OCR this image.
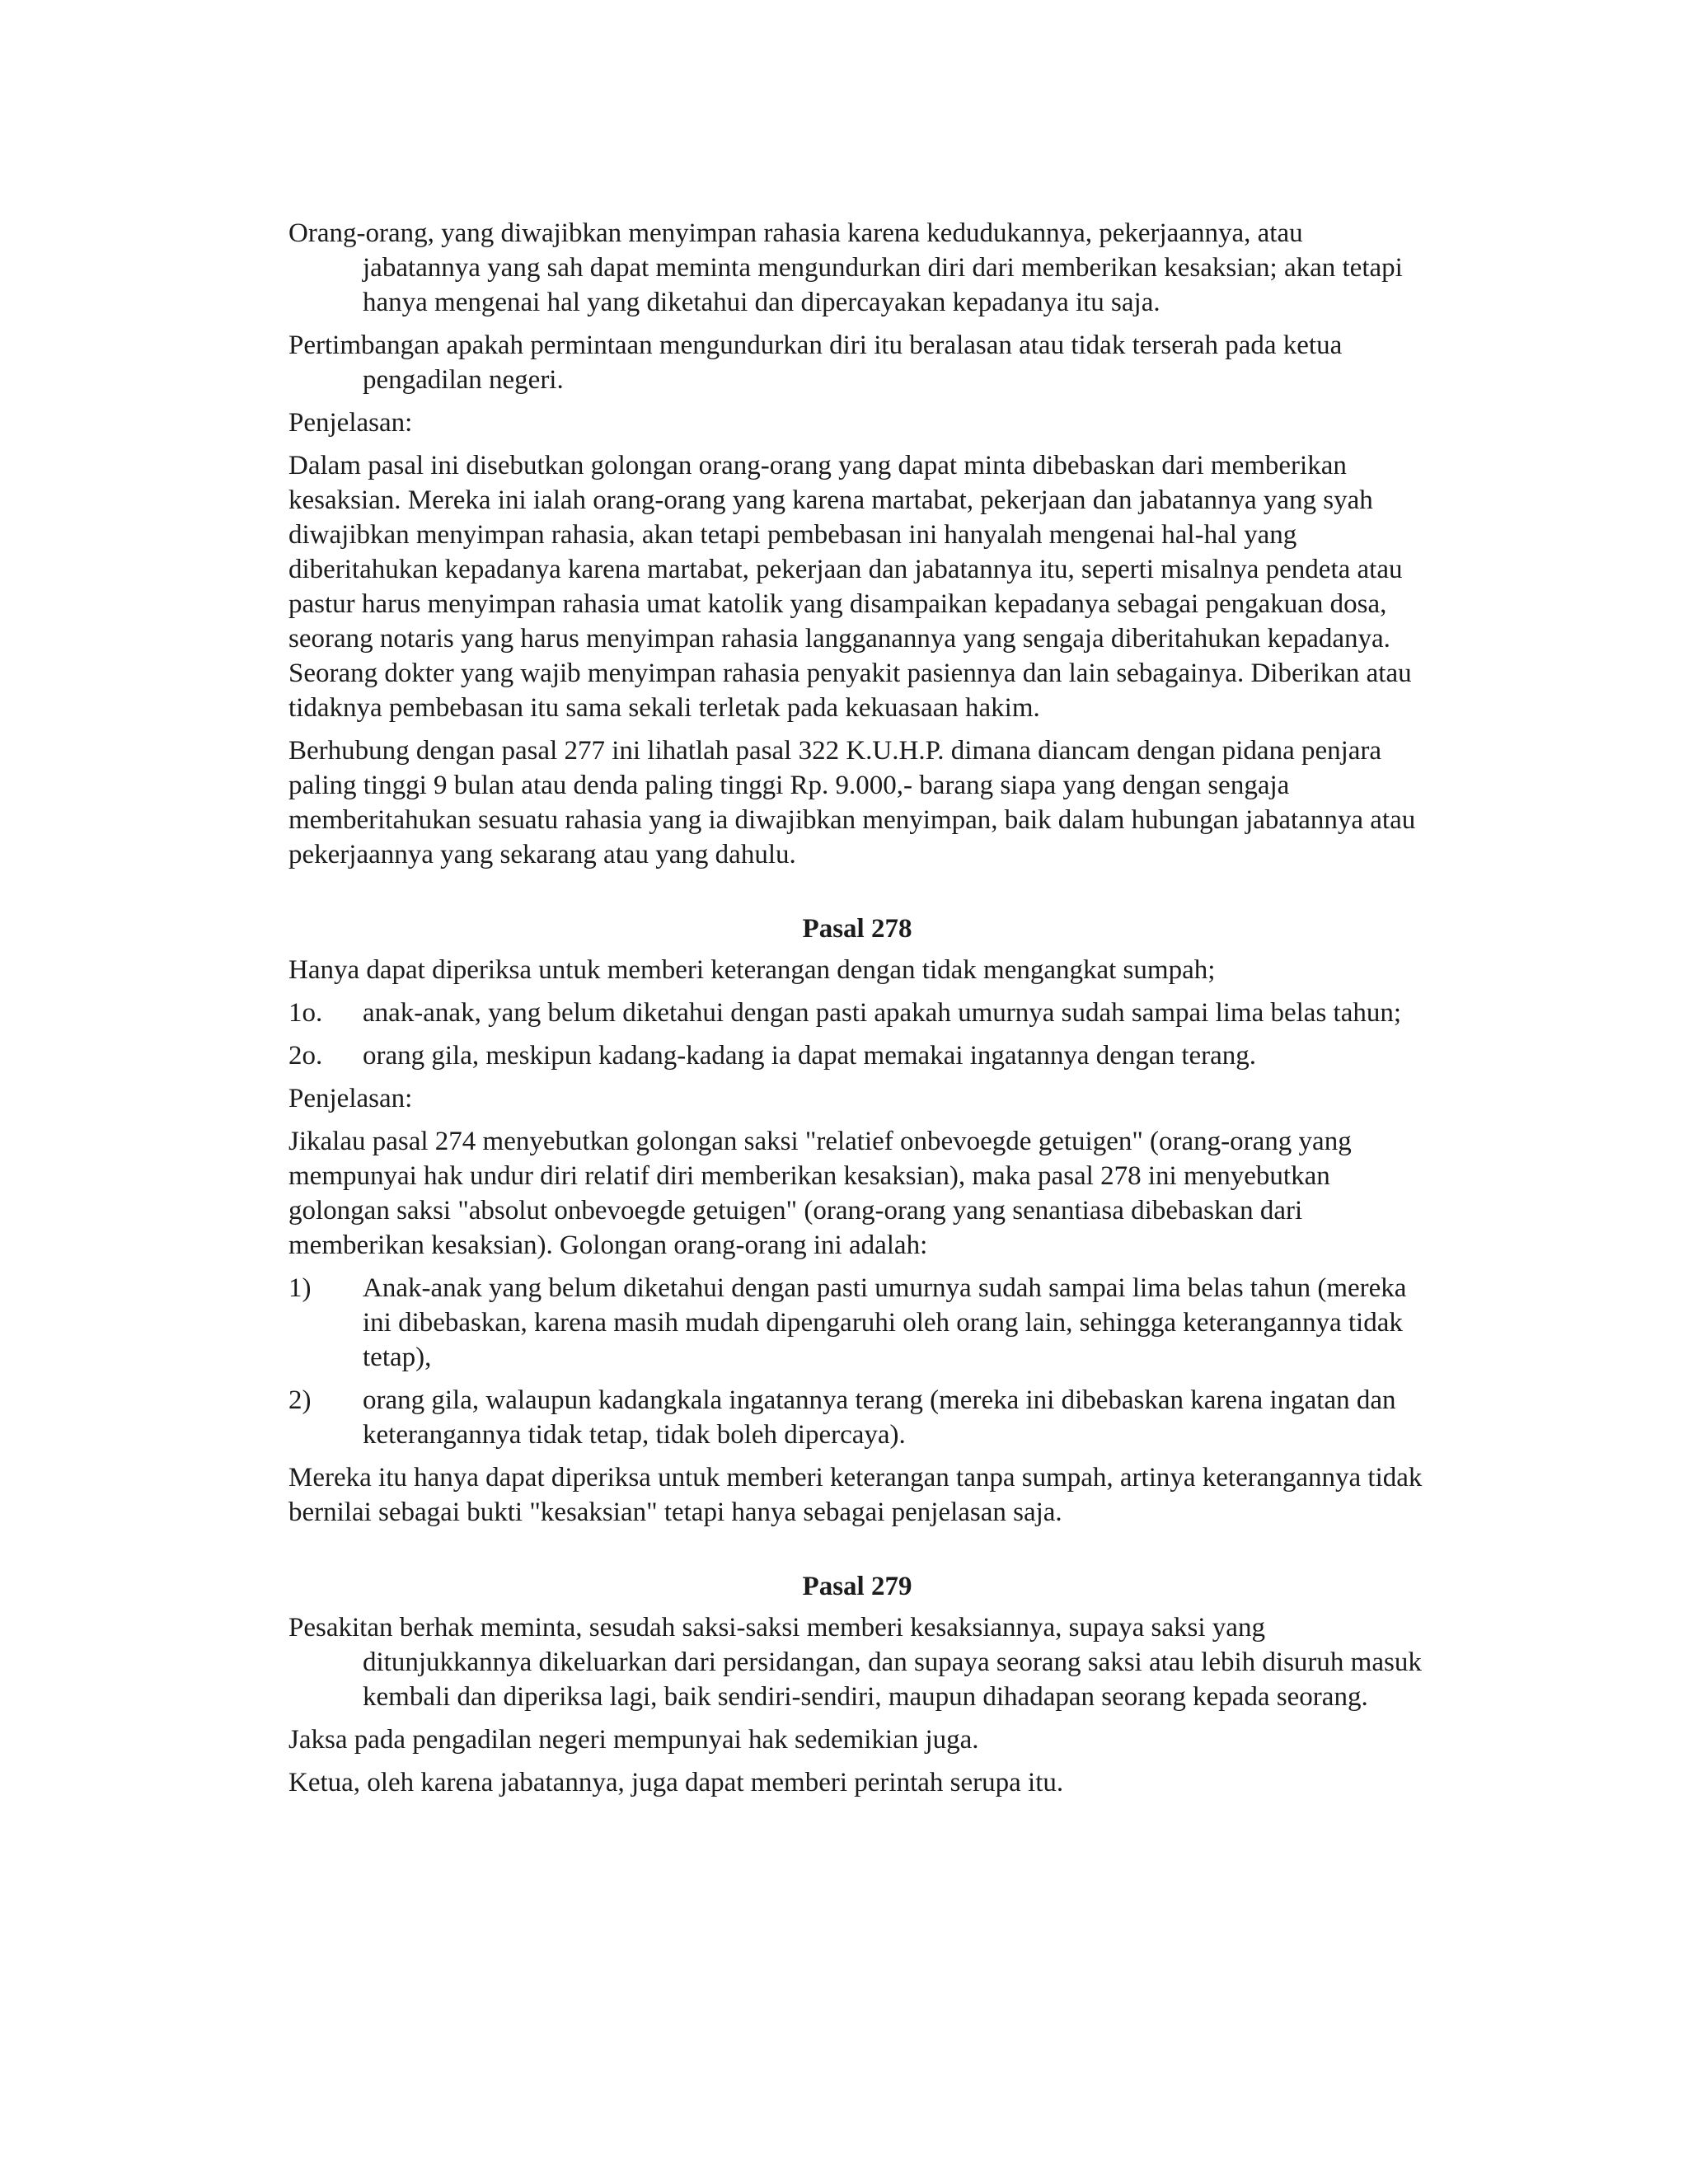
Orang-orang, yang diwajibkan menyimpan rahasia karena kedudukannya, pekerjaannya, atau jabatannya yang sah dapat meminta mengundurkan diri dari memberikan kesaksian; akan tetapi hanya mengenai hal yang diketahui dan dipercayakan kepadanya itu saja.

Pertimbangan apakah permintaan mengundurkan diri itu beralasan atau tidak terserah pada ketua pengadilan negeri.

Penjelasan:

Dalam pasal ini disebutkan golongan orang-orang yang dapat minta dibebaskan dari memberikan kesaksian. Mereka ini ialah orang-orang yang karena martabat, pekerjaan dan jabatannya yang syah diwajibkan menyimpan rahasia, akan tetapi pembebasan ini hanyalah mengenai hal-hal yang diberitahukan kepadanya karena martabat, pekerjaan dan jabatannya itu, seperti misalnya pendeta atau pastur harus menyimpan rahasia umat katolik yang disampaikan kepadanya sebagai pengakuan dosa, seorang notaris yang harus menyimpan rahasia langganannya yang sengaja diberitahukan kepadanya. Seorang dokter yang wajib menyimpan rahasia penyakit pasiennya dan lain sebagainya. Diberikan atau tidaknya pembebasan itu sama sekali terletak pada kekuasaan hakim.

Berhubung dengan pasal 277 ini lihatlah pasal 322 K.U.H.P. dimana diancam dengan pidana penjara paling tinggi 9 bulan atau denda paling tinggi Rp. 9.000,- barang siapa yang dengan sengaja memberitahukan sesuatu rahasia yang ia diwajibkan menyimpan, baik dalam hubungan jabatannya atau pekerjaannya yang sekarang atau yang dahulu.

Pasal 278

Hanya dapat diperiksa untuk memberi keterangan dengan tidak mengangkat sumpah;

1o. anak-anak, yang belum diketahui dengan pasti apakah umurnya sudah sampai lima belas tahun;
2o. orang gila, meskipun kadang-kadang ia dapat memakai ingatannya dengan terang.

Penjelasan:

Jikalau pasal 274 menyebutkan golongan saksi "relatief onbevoegde getuigen" (orang-orang yang mempunyai hak undur diri relatif diri memberikan kesaksian), maka pasal 278 ini menyebutkan golongan saksi "absolut onbevoegde getuigen" (orang-orang yang senantiasa dibebaskan dari memberikan kesaksian). Golongan orang-orang ini adalah:

1) Anak-anak yang belum diketahui dengan pasti umurnya sudah sampai lima belas tahun (mereka ini dibebaskan, karena masih mudah dipengaruhi oleh orang lain, sehingga keterangannya tidak tetap),
2) orang gila, walaupun kadangkala ingatannya terang (mereka ini dibebaskan karena ingatan dan keterangannya tidak tetap, tidak boleh dipercaya).

Mereka itu hanya dapat diperiksa untuk memberi keterangan tanpa sumpah, artinya keterangannya tidak bernilai sebagai bukti "kesaksian" tetapi hanya sebagai penjelasan saja.

Pasal 279

Pesakitan berhak meminta, sesudah saksi-saksi memberi kesaksiannya, supaya saksi yang ditunjukkannya dikeluarkan dari persidangan, dan supaya seorang saksi atau lebih disuruh masuk kembali dan diperiksa lagi, baik sendiri-sendiri, maupun dihadapan seorang kepada seorang.

Jaksa pada pengadilan negeri mempunyai hak sedemikian juga.

Ketua, oleh karena jabatannya, juga dapat memberi perintah serupa itu.
